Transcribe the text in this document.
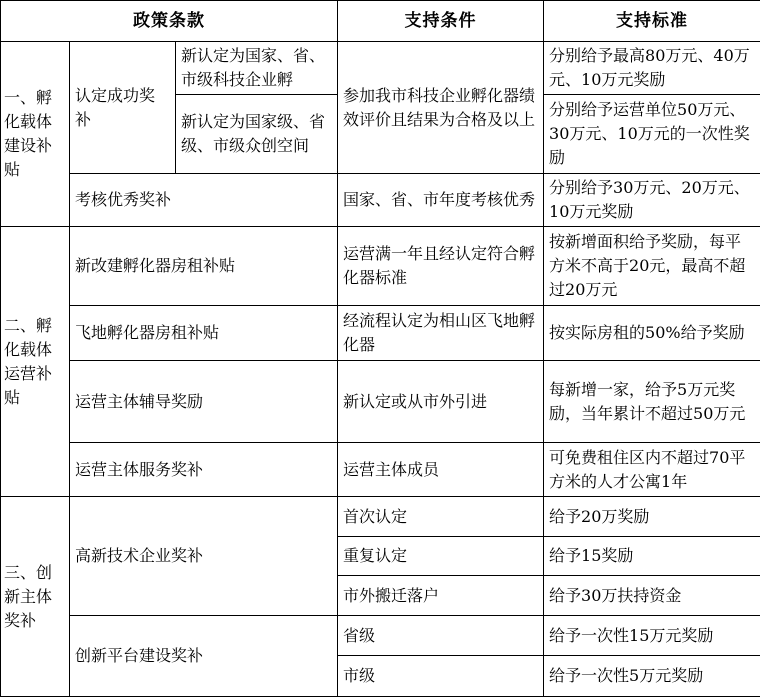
政策条款			支持条件	支持标准
一、孵化载体建设补贴	认定成功奖补	新认定为国家、省、市级科技企业孵	参加我市科技企业孵化器绩效评价且结果为合格及以上	分别给予最高80万元、40万元、10万元奖励
		新认定为国家级、省级、市级众创空间		分别给予运营单位50万元、30万元、10万元的一次性奖励
	考核优秀奖补		国家、省、市年度考核优秀	分别给予30万元、20万元、10万元奖励
二、孵化载体运营补贴	新改建孵化器房租补贴		运营满一年且经认定符合孵化器标准	按新增面积给予奖励，每平方米不高于20元，最高不超过20万元
	飞地孵化器房租补贴		经流程认定为相山区飞地孵化器	按实际房租的50%给予奖励
	运营主体辅导奖励		新认定或从市外引进	每新增一家，给予5万元奖励，当年累计不超过50万元
	运营主体服务奖补		运营主体成员	可免费租住区内不超过70平方米的人才公寓1年
三、创新主体奖补	高新技术企业奖补		首次认定	给予20万奖励
			重复认定	给予15奖励
			市外搬迁落户	给予30万扶持资金
	创新平台建设奖补		省级	给予一次性15万元奖励
			市级	给予一次性5万元奖励
